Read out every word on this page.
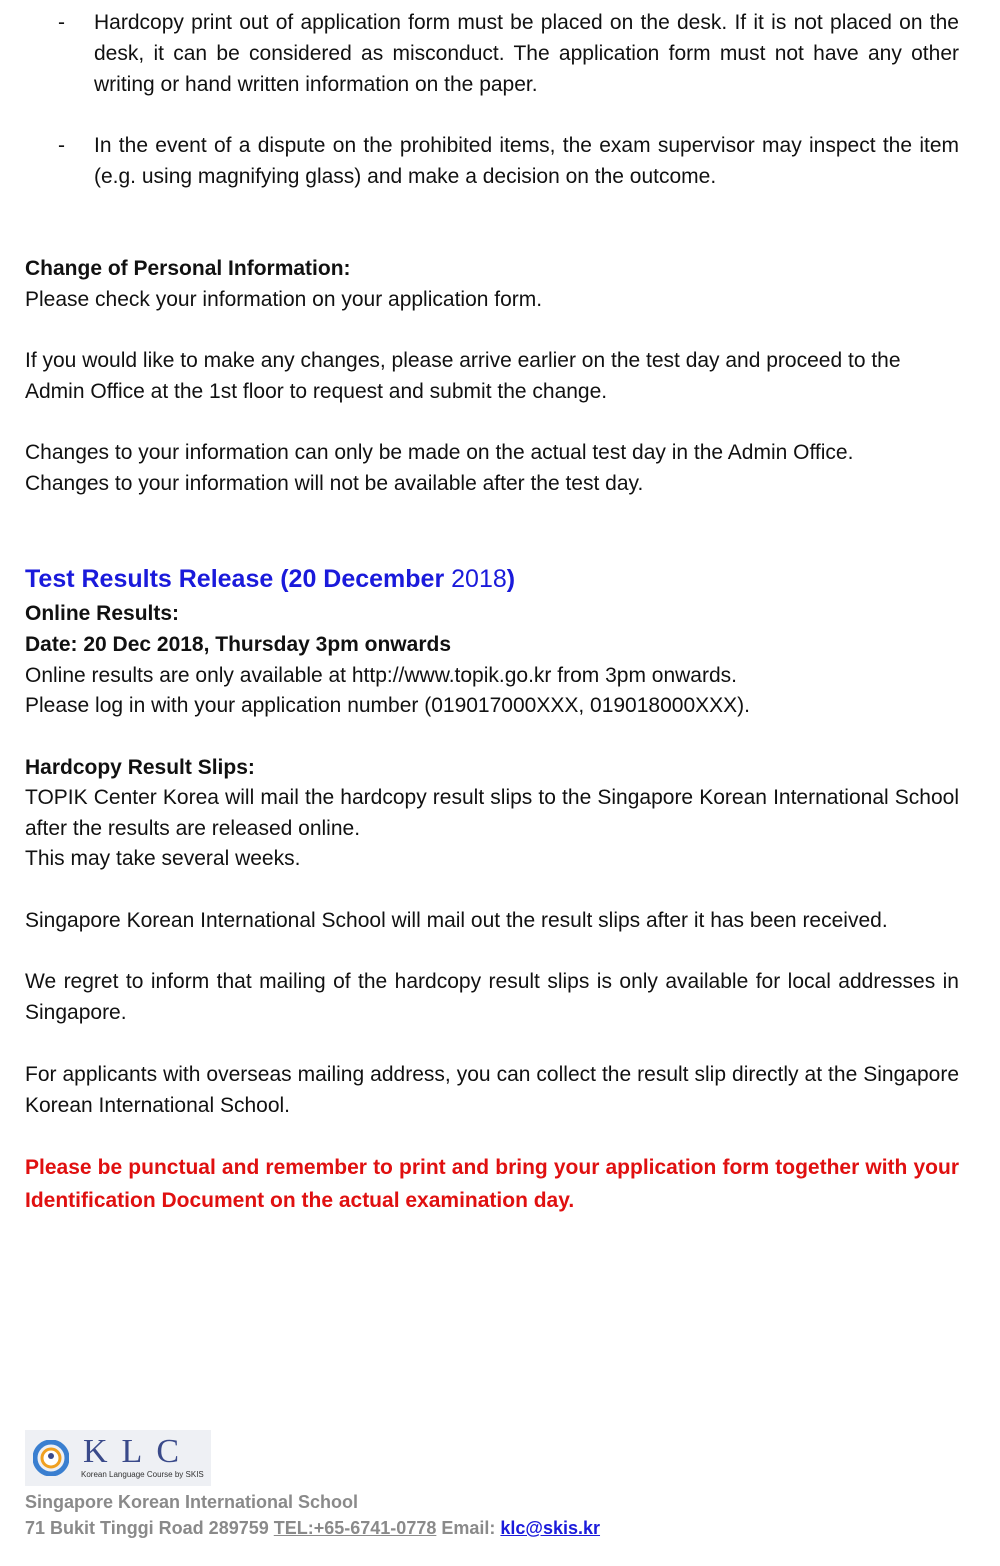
-	Hardcopy print out of application form must be placed on the desk. If it is not placed on the desk, it can be considered as misconduct. The application form must not have any other writing or hand written information on the paper.
-	In the event of a dispute on the prohibited items, the exam supervisor may inspect the item (e.g. using magnifying glass) and make a decision on the outcome.

Change of Personal Information:

Please check your information on your application form.

If you would like to make any changes, please arrive earlier on the test day and proceed to the Admin Office at the 1st floor to request and submit the change.

Changes to your information can only be made on the actual test day in the Admin Office.

Changes to your information will not be available after the test day.

Test Results Release (20 December 2018)

Online Results:

Date: 20 Dec 2018, Thursday 3pm onwards

Online results are only available at http://www.topik.go.kr from 3pm onwards.

Please log in with your application number (019017000XXX, 019018000XXX).

Hardcopy Result Slips:

TOPIK Center Korea will mail the hardcopy result slips to the Singapore Korean International School after the results are released online.

This may take several weeks.

Singapore Korean International School will mail out the result slips after it has been received.

We regret to inform that mailing of the hardcopy result slips is only available for local addresses in Singapore.

For applicants with overseas mailing address, you can collect the result slip directly at the Singapore Korean International School.

Please be punctual and remember to print and bring your application form together with your Identification Document on the actual examination day.

KLC
Korean Language Course by SKIS
Singapore Korean International School
71 Bukit Tinggi Road 289759 TEL:+65-6741-0778 Email: klc@skis.kr
